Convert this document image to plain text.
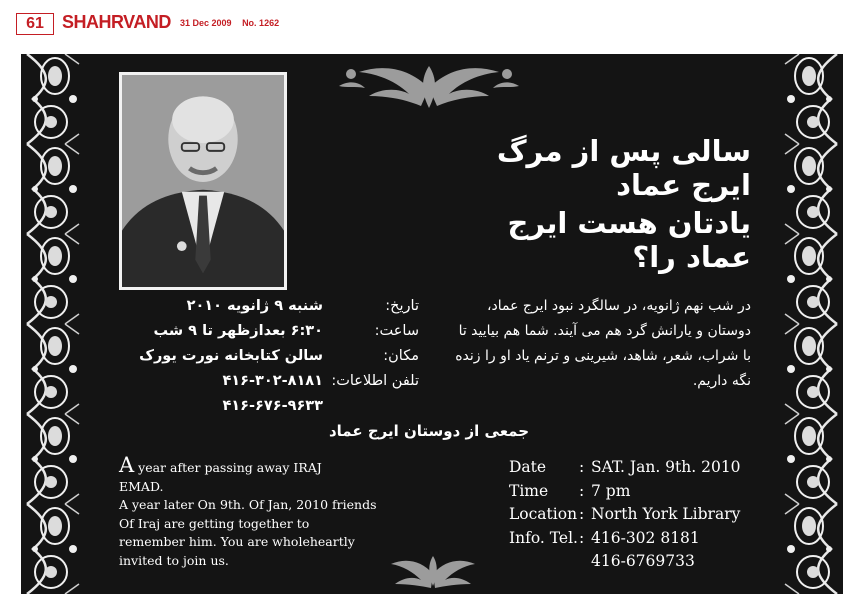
61	SHAHRVAND 31 Dec 2009 No. 1262
سالی پس از مرگ ایرج عماد
یادتان هست ایرج عماد را؟
در شب نهم ژانویه، در سالگرد نبود ایرج عماد، دوستان و یارانش گرد هم می آیند. شما هم بیایید تا با شراب، شعر، شاهد، شیرینی و ترنم یاد او را زنده نگه داریم.
تاریخ:
شنبه ۹ ژانویه ۲۰۱۰
ساعت:
۶:۳۰ بعدازظهر تا ۹ شب
مکان:
سالن کتابخانه نورت یورک
تلفن اطلاعات:
۴۱۶-۳۰۲-۸۱۸۱
۴۱۶-۶۷۶-۹۶۳۳
جمعی از دوستان ایرج عماد
A year after passing away IRAJ
EMAD.
A year later On 9th. Of Jan, 2010 friends Of Iraj are getting together to remember him. You are wholeheartly invited to join us.
Date	: SAT. Jan. 9th. 2010
Time	: 7 pm
Location : North York Library
Info. Tel. : 416-302 8181
416-6769733
